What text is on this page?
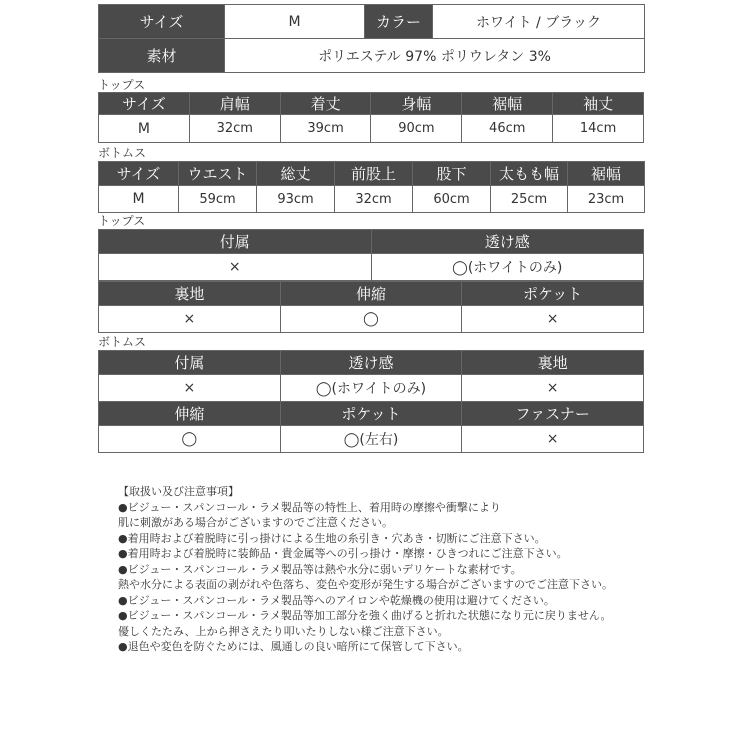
サイズ	M	カラー	ホワイト / ブラック
素材	ポリエステル 97% ポリウレタン 3%		
トップス
サイズ	肩幅	着丈	身幅	裾幅	袖丈
M	32cm	39cm	90cm	46cm	14cm
ボトムス
サイズ	ウエスト	総丈	前股上	股下	太もも幅	裾幅
M	59cm	93cm	32cm	60cm	25cm	23cm
トップス
付属	透け感
×	◯(ホワイトのみ)
裏地	伸縮	ポケット
×	◯	×
ボトムス
付属	透け感	裏地
×	◯(ホワイトのみ)	×
伸縮	ポケット	ファスナー
◯	◯(左右)	×
【取扱い及び注意事項】
●ビジュー・スパンコール・ラメ製品等の特性上、着用時の摩擦や衝撃により
肌に刺激がある場合がございますのでご注意ください。
●着用時および着脱時に引っ掛けによる生地の糸引き・穴あき・切断にご注意下さい。
●着用時および着脱時に装飾品・貴金属等への引っ掛け・摩擦・ひきつれにご注意下さい。
●ビジュー・スパンコール・ラメ製品等は熱や水分に弱いデリケートな素材です。
熱や水分による表面の剥がれや色落ち、変色や変形が発生する場合がございますのでご注意下さい。
●ビジュー・スパンコール・ラメ製品等へのアイロンや乾燥機の使用は避けてください。
●ビジュー・スパンコール・ラメ製品等加工部分を強く曲げると折れた状態になり元に戻りません。
優しくたたみ、上から押さえたり叩いたりしない様ご注意下さい。
●退色や変色を防ぐためには、風通しの良い暗所にて保管して下さい。
